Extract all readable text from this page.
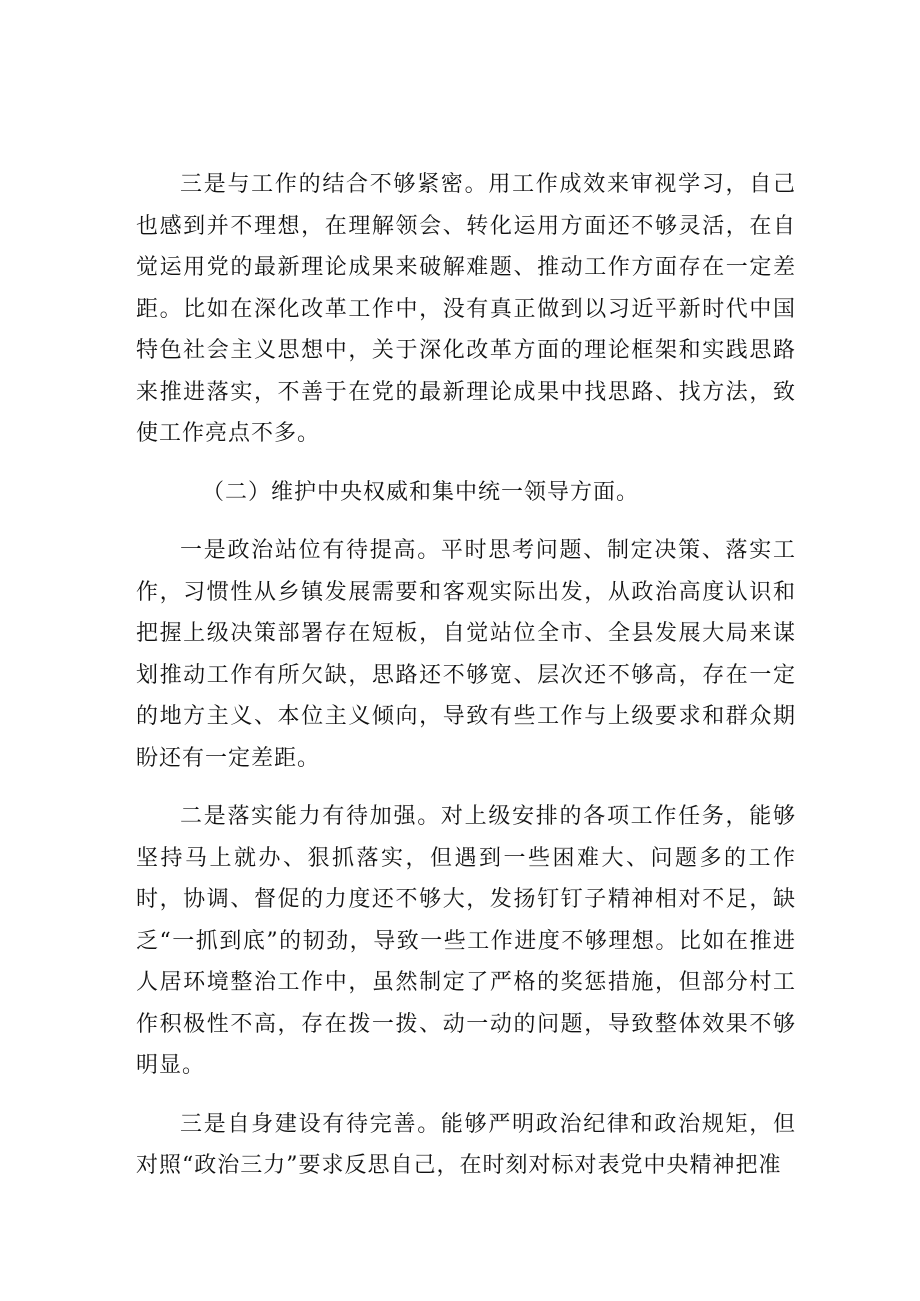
三是与工作的结合不够紧密。用工作成效来审视学习，自己也感到并不理想，在理解领会、转化运用方面还不够灵活，在自觉运用党的最新理论成果来破解难题、推动工作方面存在一定差距。比如在深化改革工作中，没有真正做到以习近平新时代中国特色社会主义思想中，关于深化改革方面的理论框架和实践思路来推进落实，不善于在党的最新理论成果中找思路、找方法，致使工作亮点不多。

（二）维护中央权威和集中统一领导方面。

一是政治站位有待提高。平时思考问题、制定决策、落实工作，习惯性从乡镇发展需要和客观实际出发，从政治高度认识和把握上级决策部署存在短板，自觉站位全市、全县发展大局来谋划推动工作有所欠缺，思路还不够宽、层次还不够高，存在一定的地方主义、本位主义倾向，导致有些工作与上级要求和群众期盼还有一定差距。

二是落实能力有待加强。对上级安排的各项工作任务，能够坚持马上就办、狠抓落实，但遇到一些困难大、问题多的工作时，协调、督促的力度还不够大，发扬钉钉子精神相对不足，缺乏“一抓到底”的韧劲，导致一些工作进度不够理想。比如在推进人居环境整治工作中，虽然制定了严格的奖惩措施，但部分村工作积极性不高，存在拨一拨、动一动的问题，导致整体效果不够明显。

三是自身建设有待完善。能够严明政治纪律和政治规矩，但对照“政治三力”要求反思自己，在时刻对标对表党中央精神把准
